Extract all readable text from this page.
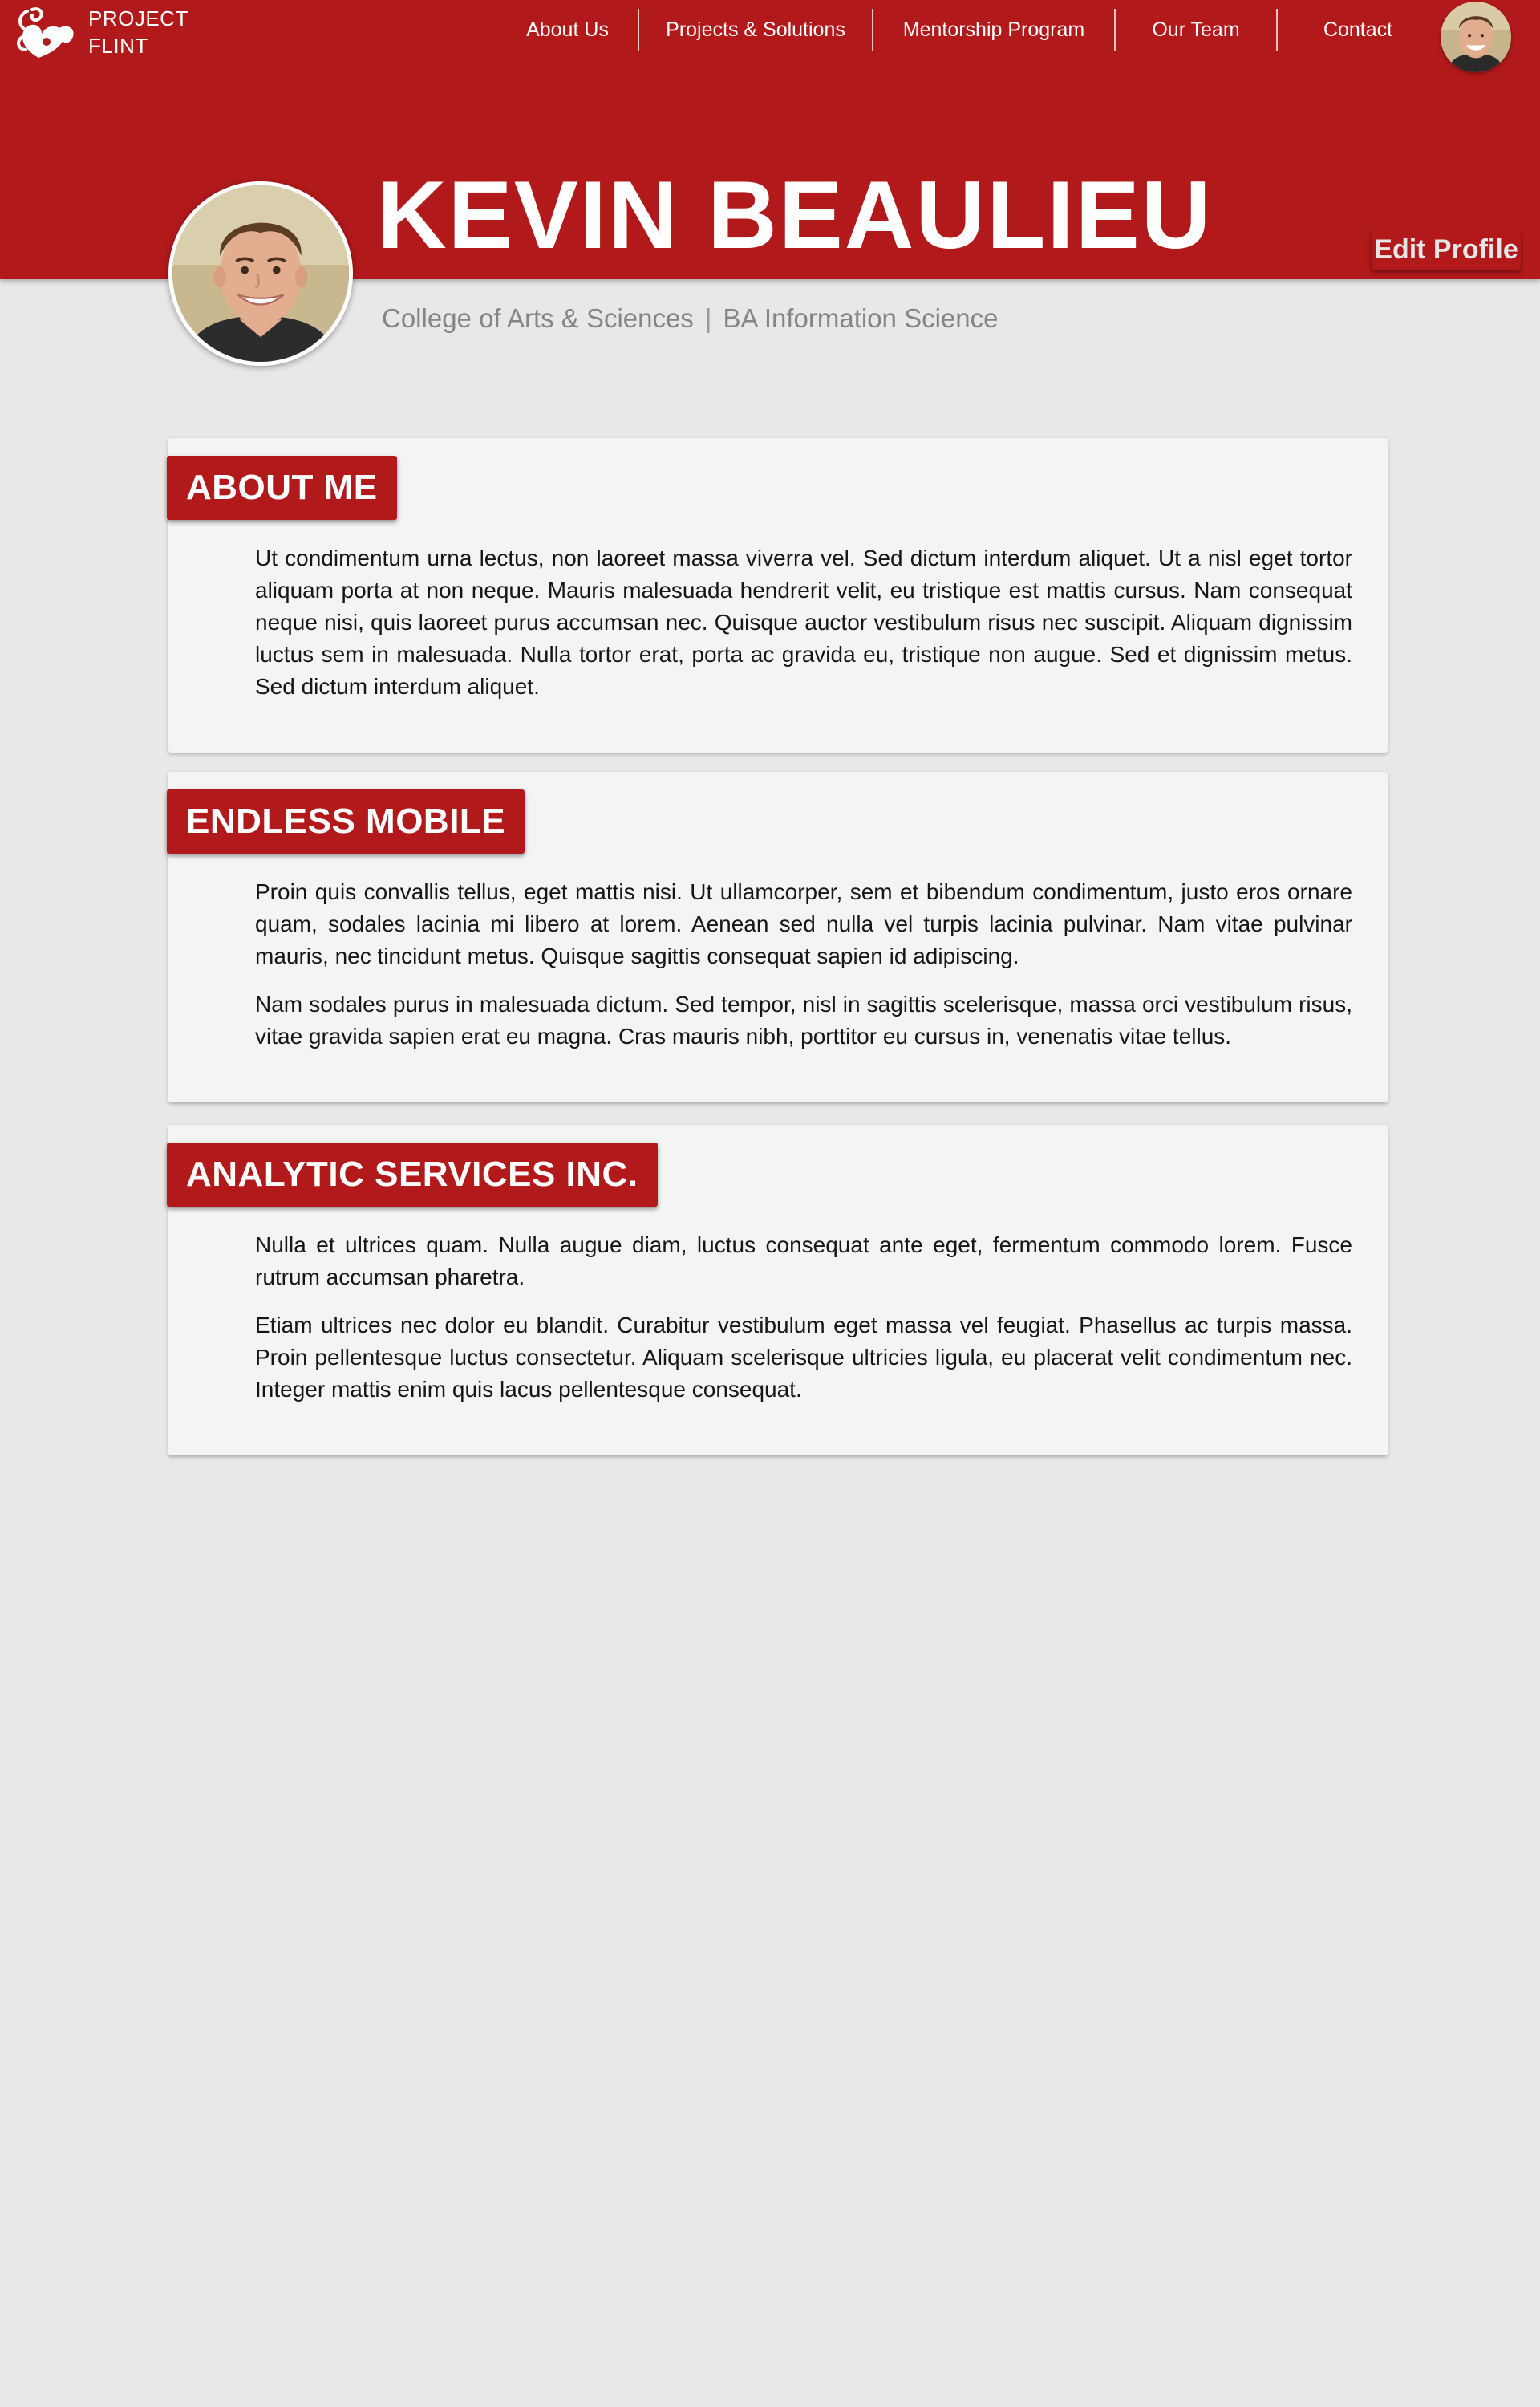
PROJECT
FLINT
About Us	Projects & Solutions	Mentorship Program	Our Team	Contact
KEVIN BEAULIEU	Edit Profile
College of Arts & Sciences | BA Information Science
ABOUT ME

Ut condimentum urna lectus, non laoreet massa viverra vel. Sed dictum interdum aliquet. Ut a nisl eget tortor aliquam porta at non neque. Mauris malesuada hendrerit velit, eu tristique est mattis cursus. Nam consequat neque nisi, quis laoreet purus accumsan nec. Quisque auctor vestibulum risus nec suscipit. Aliquam dignissim luctus sem in malesuada. Nulla tortor erat, porta ac gravida eu, tristique non augue. Sed et dignissim metus. Sed dictum interdum aliquet.

ENDLESS MOBILE

Proin quis convallis tellus, eget mattis nisi. Ut ullamcorper, sem et bibendum condimentum, justo eros ornare quam, sodales lacinia mi libero at lorem. Aenean sed nulla vel turpis lacinia pulvinar. Nam vitae pulvinar mauris, nec tincidunt metus. Quisque sagittis consequat sapien id adipiscing.

Nam sodales purus in malesuada dictum. Sed tempor, nisl in sagittis scelerisque, massa orci vestibulum risus, vitae gravida sapien erat eu magna. Cras mauris nibh, porttitor eu cursus in, venenatis vitae tellus.

ANALYTIC SERVICES INC.

Nulla et ultrices quam. Nulla augue diam, luctus consequat ante eget, fermentum commodo lorem. Fusce rutrum accumsan pharetra.

Etiam ultrices nec dolor eu blandit. Curabitur vestibulum eget massa vel feugiat. Phasellus ac turpis massa. Proin pellentesque luctus consectetur. Aliquam scelerisque ultricies ligula, eu placerat velit condimentum nec. Integer mattis enim quis lacus pellentesque consequat.
